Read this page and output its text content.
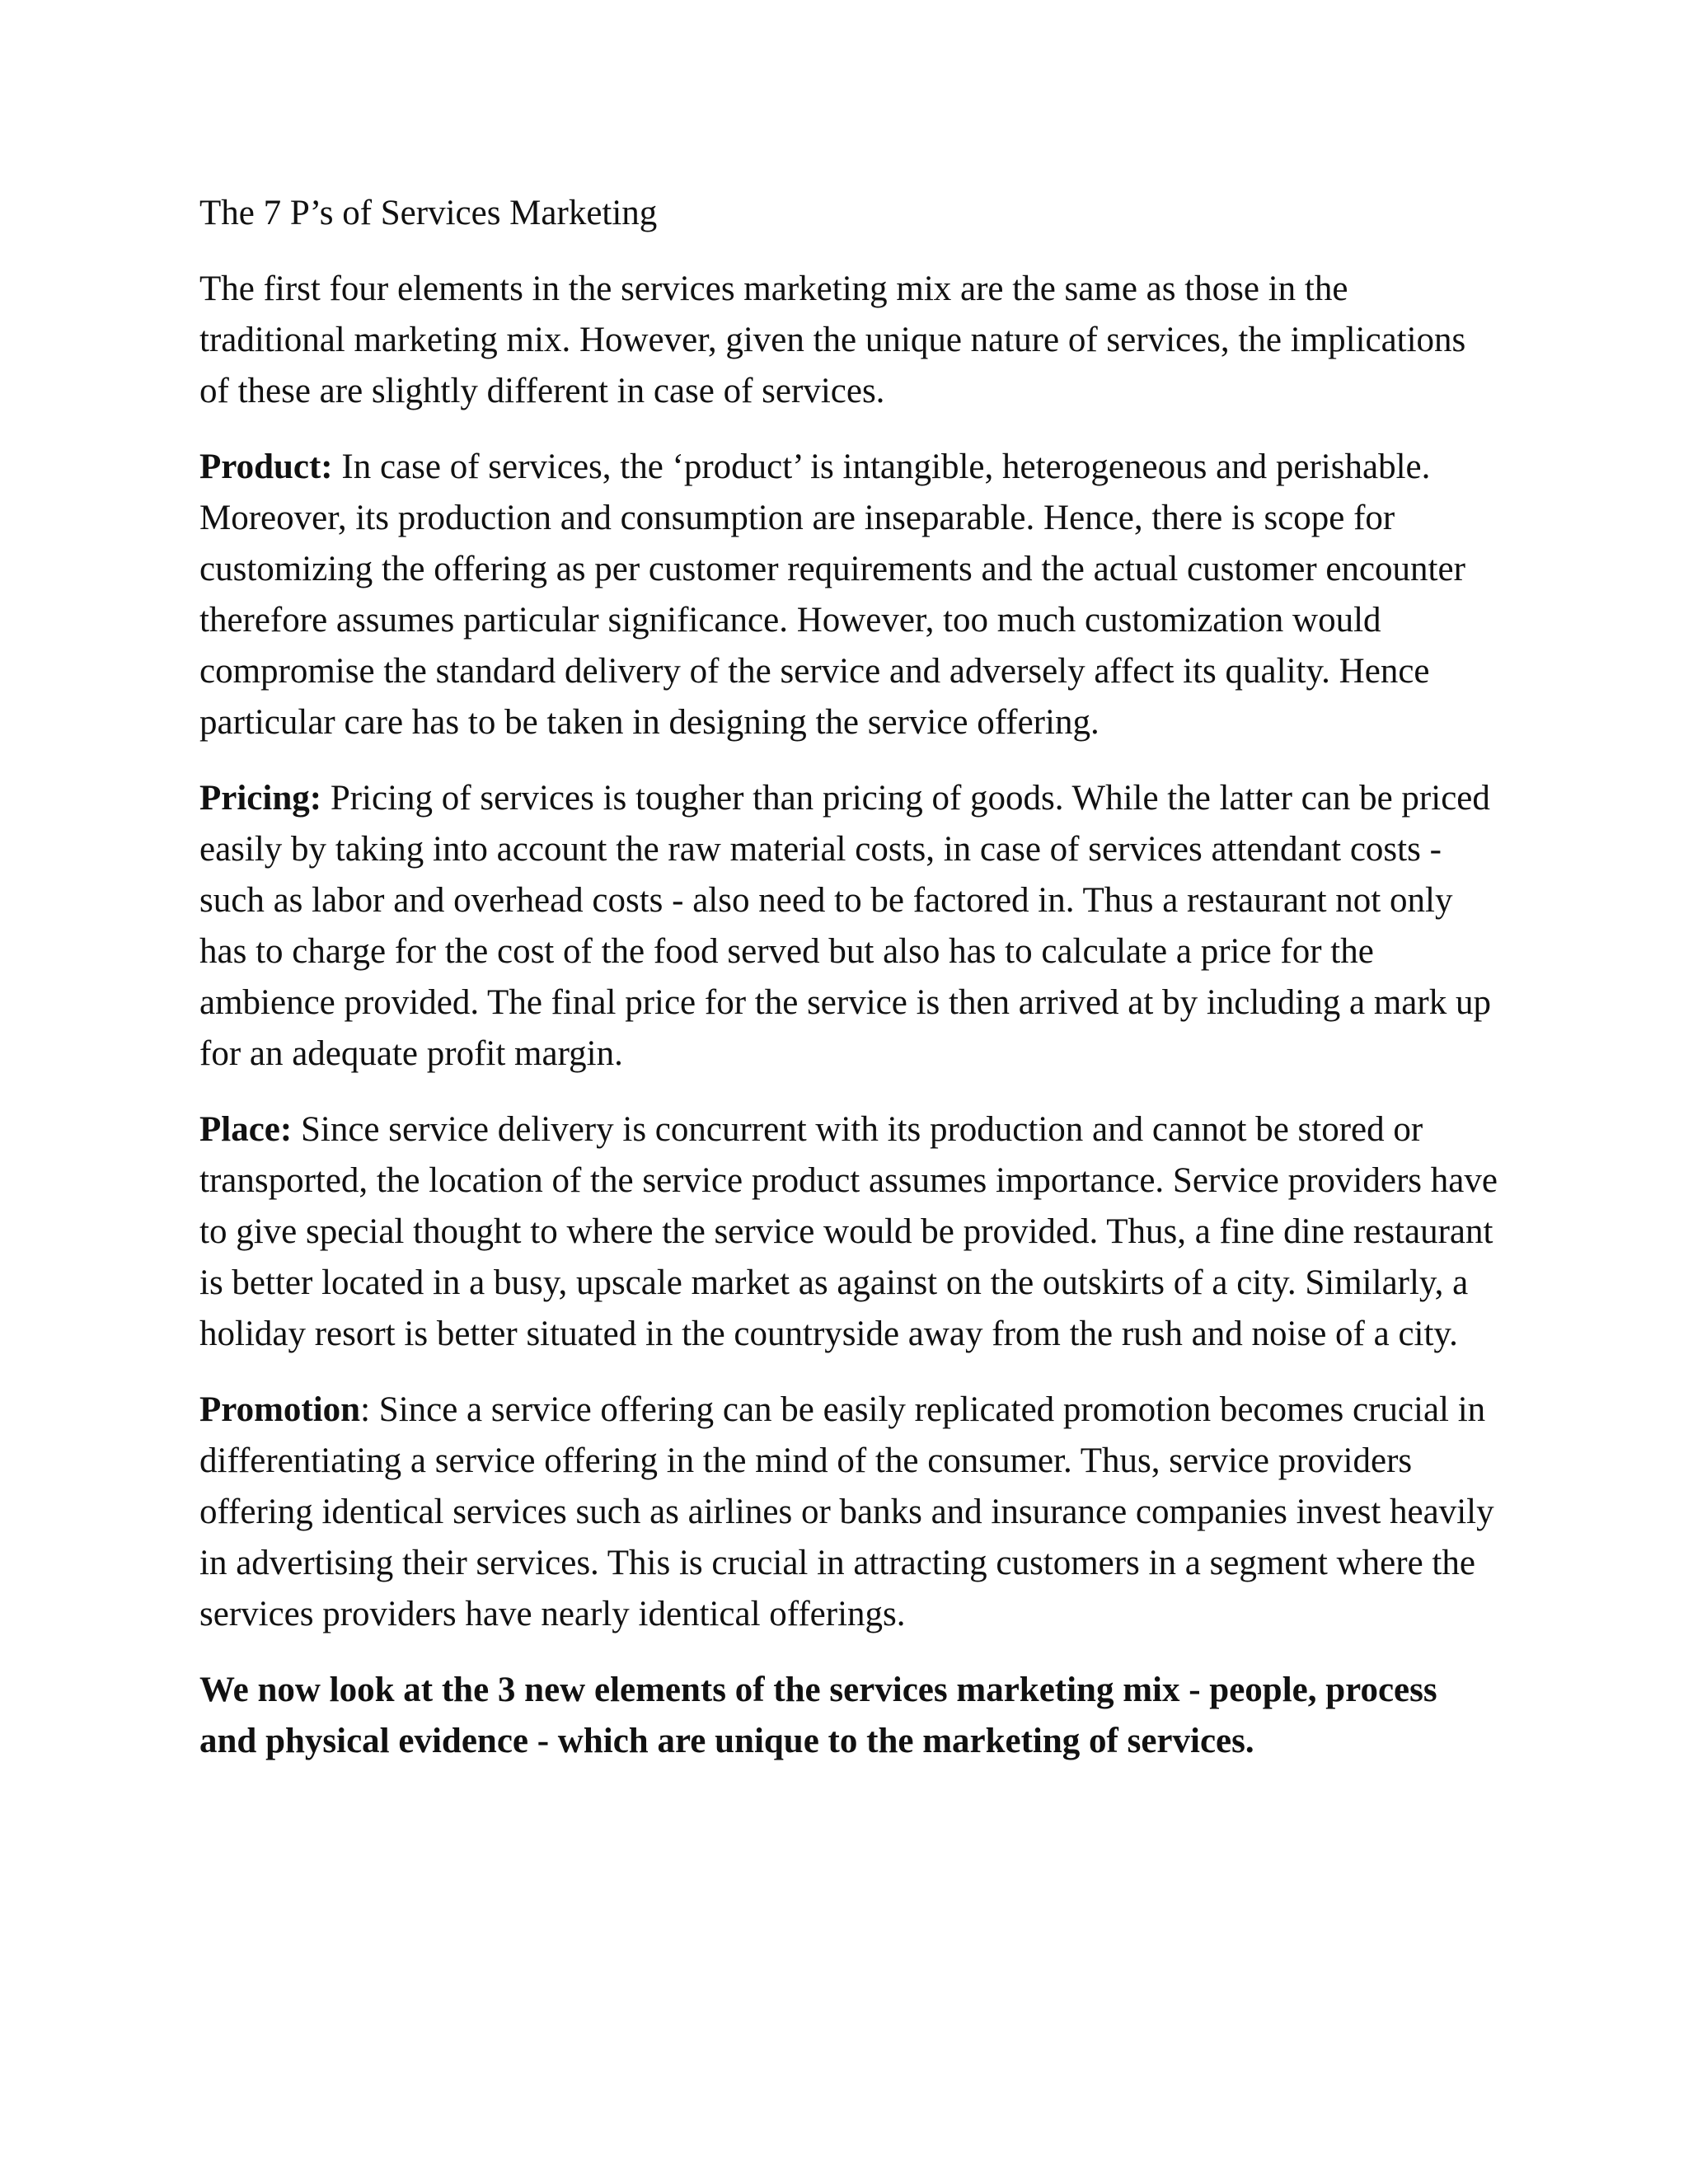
The 7 P’s of Services Marketing

The first four elements in the services marketing mix are the same as those in the traditional marketing mix. However, given the unique nature of services, the implications of these are slightly different in case of services.

Product: In case of services, the ‘product’ is intangible, heterogeneous and perishable. Moreover, its production and consumption are inseparable. Hence, there is scope for customizing the offering as per customer requirements and the actual customer encounter therefore assumes particular significance. However, too much customization would compromise the standard delivery of the service and adversely affect its quality. Hence particular care has to be taken in designing the service offering.

Pricing: Pricing of services is tougher than pricing of goods. While the latter can be priced easily by taking into account the raw material costs, in case of services attendant costs - such as labor and overhead costs - also need to be factored in. Thus a restaurant not only has to charge for the cost of the food served but also has to calculate a price for the ambience provided. The final price for the service is then arrived at by including a mark up for an adequate profit margin.

Place: Since service delivery is concurrent with its production and cannot be stored or transported, the location of the service product assumes importance. Service providers have to give special thought to where the service would be provided. Thus, a fine dine restaurant is better located in a busy, upscale market as against on the outskirts of a city. Similarly, a holiday resort is better situated in the countryside away from the rush and noise of a city.

Promotion: Since a service offering can be easily replicated promotion becomes crucial in differentiating a service offering in the mind of the consumer. Thus, service providers offering identical services such as airlines or banks and insurance companies invest heavily in advertising their services. This is crucial in attracting customers in a segment where the services providers have nearly identical offerings.

We now look at the 3 new elements of the services marketing mix - people, process and physical evidence - which are unique to the marketing of services.
